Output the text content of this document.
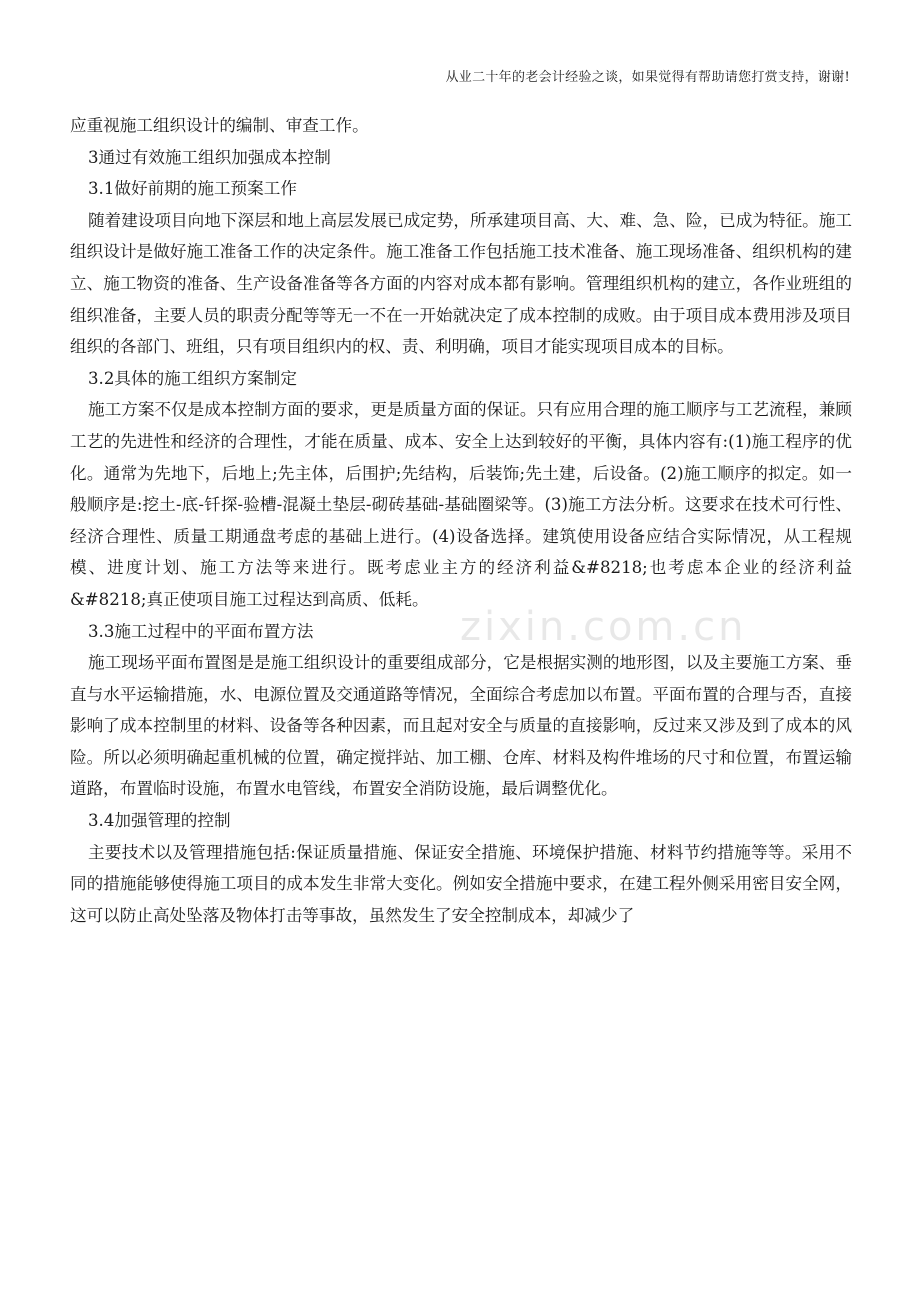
从业二十年的老会计经验之谈，如果觉得有帮助请您打赏支持，谢谢!
zixin.com.cn

应重视施工组织设计的编制、审查工作。

3通过有效施工组织加强成本控制

3.1做好前期的施工预案工作

随着建设项目向地下深层和地上高层发展已成定势，所承建项目高、大、难、急、险，已成为特征。施工组织设计是做好施工准备工作的决定条件。施工准备工作包括施工技术准备、施工现场准备、组织机构的建立、施工物资的准备、生产设备准备等各方面的内容对成本都有影响。管理组织机构的建立，各作业班组的组织准备，主要人员的职责分配等等无一不在一开始就决定了成本控制的成败。由于项目成本费用涉及项目组织的各部门、班组，只有项目组织内的权、责、利明确，项目才能实现项目成本的目标。

3.2具体的施工组织方案制定

施工方案不仅是成本控制方面的要求，更是质量方面的保证。只有应用合理的施工顺序与工艺流程，兼顾工艺的先进性和经济的合理性，才能在质量、成本、安全上达到较好的平衡，具体内容有:(1)施工程序的优化。通常为先地下，后地上;先主体，后围护;先结构，后装饰;先土建，后设备。(2)施工顺序的拟定。如一般顺序是:挖土-底-钎探-验槽-混凝土垫层-砌砖基础-基础圈梁等。(3)施工方法分析。这要求在技术可行性、经济合理性、质量工期通盘考虑的基础上进行。(4)设备选择。建筑使用设备应结合实际情况，从工程规模、进度计划、施工方法等来进行。既考虑业主方的经济利益&#8218;也考虑本企业的经济利益&#8218;真正使项目施工过程达到高质、低耗。

3.3施工过程中的平面布置方法

施工现场平面布置图是是施工组织设计的重要组成部分，它是根据实测的地形图，以及主要施工方案、垂直与水平运输措施，水、电源位置及交通道路等情况，全面综合考虑加以布置。平面布置的合理与否，直接影响了成本控制里的材料、设备等各种因素，而且起对安全与质量的直接影响，反过来又涉及到了成本的风险。所以必须明确起重机械的位置，确定搅拌站、加工棚、仓库、材料及构件堆场的尺寸和位置，布置运输道路，布置临时设施，布置水电管线，布置安全消防设施，最后调整优化。

3.4加强管理的控制

主要技术以及管理措施包括:保证质量措施、保证安全措施、环境保护措施、材料节约措施等等。采用不同的措施能够使得施工项目的成本发生非常大变化。例如安全措施中要求，在建工程外侧采用密目安全网，这可以防止高处坠落及物体打击等事故，虽然发生了安全控制成本，却减少了
